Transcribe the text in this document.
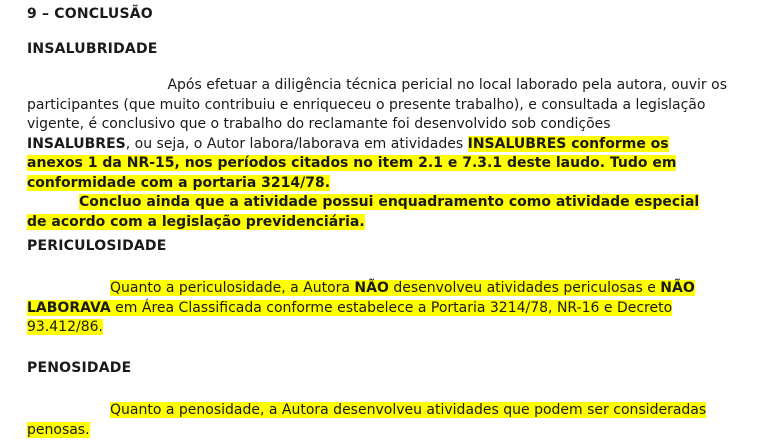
9 – CONCLUSÃO
INSALUBRIDADE
Após efetuar a diligência técnica pericial no local laborado pela autora, ouvir os
participantes (que muito contribuiu e enriqueceu o presente trabalho), e consultada a legislação
vigente, é conclusivo que o trabalho do reclamante foi desenvolvido sob condições
INSALUBRES, ou seja, o Autor labora/laborava em atividades INSALUBRES conforme os
anexos 1 da NR-15, nos períodos citados no item 2.1 e 7.3.1 deste laudo. Tudo em
conformidade com a portaria 3214/78.
Concluo ainda que a atividade possui enquadramento como atividade especial
de acordo com a legislação previdenciária.
PERICULOSIDADE
Quanto a periculosidade, a Autora NÃO desenvolveu atividades periculosas e NÃO
LABORAVA em Área Classificada conforme estabelece a Portaria 3214/78, NR-16 e Decreto
93.412/86.
PENOSIDADE
Quanto a penosidade, a Autora desenvolveu atividades que podem ser consideradas
penosas.
